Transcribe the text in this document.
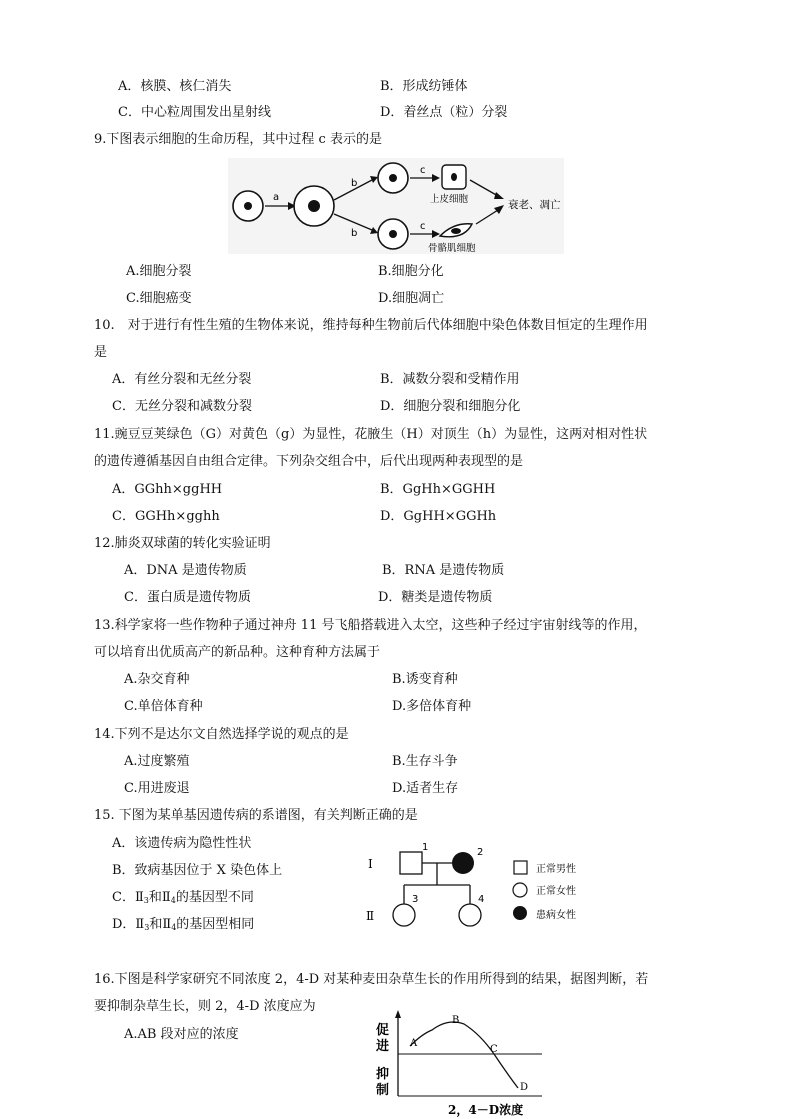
A．核膜、核仁消失	B．形成纺锤体
C．中心粒周围发出星射线	D．着丝点（粒）分裂
9.下图表示细胞的生命历程，其中过程 c 表示的是
a
b
b
c
c
上皮细胞
骨骼肌细胞
衰老、凋亡
A.细胞分裂	B.细胞分化
C.细胞癌变	D.细胞凋亡
10.　对于进行有性生殖的生物体来说，维持每种生物前后代体细胞中染色体数目恒定的生理作用
是
A．有丝分裂和无丝分裂	B．减数分裂和受精作用
C．无丝分裂和减数分裂	D．细胞分裂和细胞分化
11.豌豆豆荚绿色（G）对黄色（g）为显性，花腋生（H）对顶生（h）为显性，这两对相对性状
的遗传遵循基因自由组合定律。下列杂交组合中，后代出现两种表现型的是
A．GGhh×ggHH	B．GgHh×GGHH
C．GGHh×gghh	D．GgHH×GGHh
12.肺炎双球菌的转化实验证明
A．DNA 是遗传物质	B．RNA 是遗传物质
C．蛋白质是遗传物质	D．糖类是遗传物质
13.科学家将一些作物种子通过神舟 11 号飞船搭载进入太空，这些种子经过宇宙射线等的作用，
可以培育出优质高产的新品种。这种育种方法属于
A.杂交育种	B.诱变育种
C.单倍体育种	D.多倍体育种
14.下列不是达尔文自然选择学说的观点的是
A.过度繁殖	B.生存斗争
C.用进废退	D.适者生存
15. 下图为某单基因遗传病的系谱图，有关判断正确的是
A．该遗传病为隐性性状
B．致病基因位于 X 染色体上
C．$Ⅱ_3$和$Ⅱ_4$的基因型不同
D．$Ⅱ_3$和$Ⅱ_4$的基因型相同
Ⅰ
Ⅱ
1	2
3	4
正常男性
正常女性
患病女性
16.下图是科学家研究不同浓度 2，4-D 对某种麦田杂草生长的作用所得到的结果，据图判断，若
要抑制杂草生长，则 2，4-D 浓度应为
A.AB 段对应的浓度	促
进
抑
制
A
B
C
D
2，4－D浓度
